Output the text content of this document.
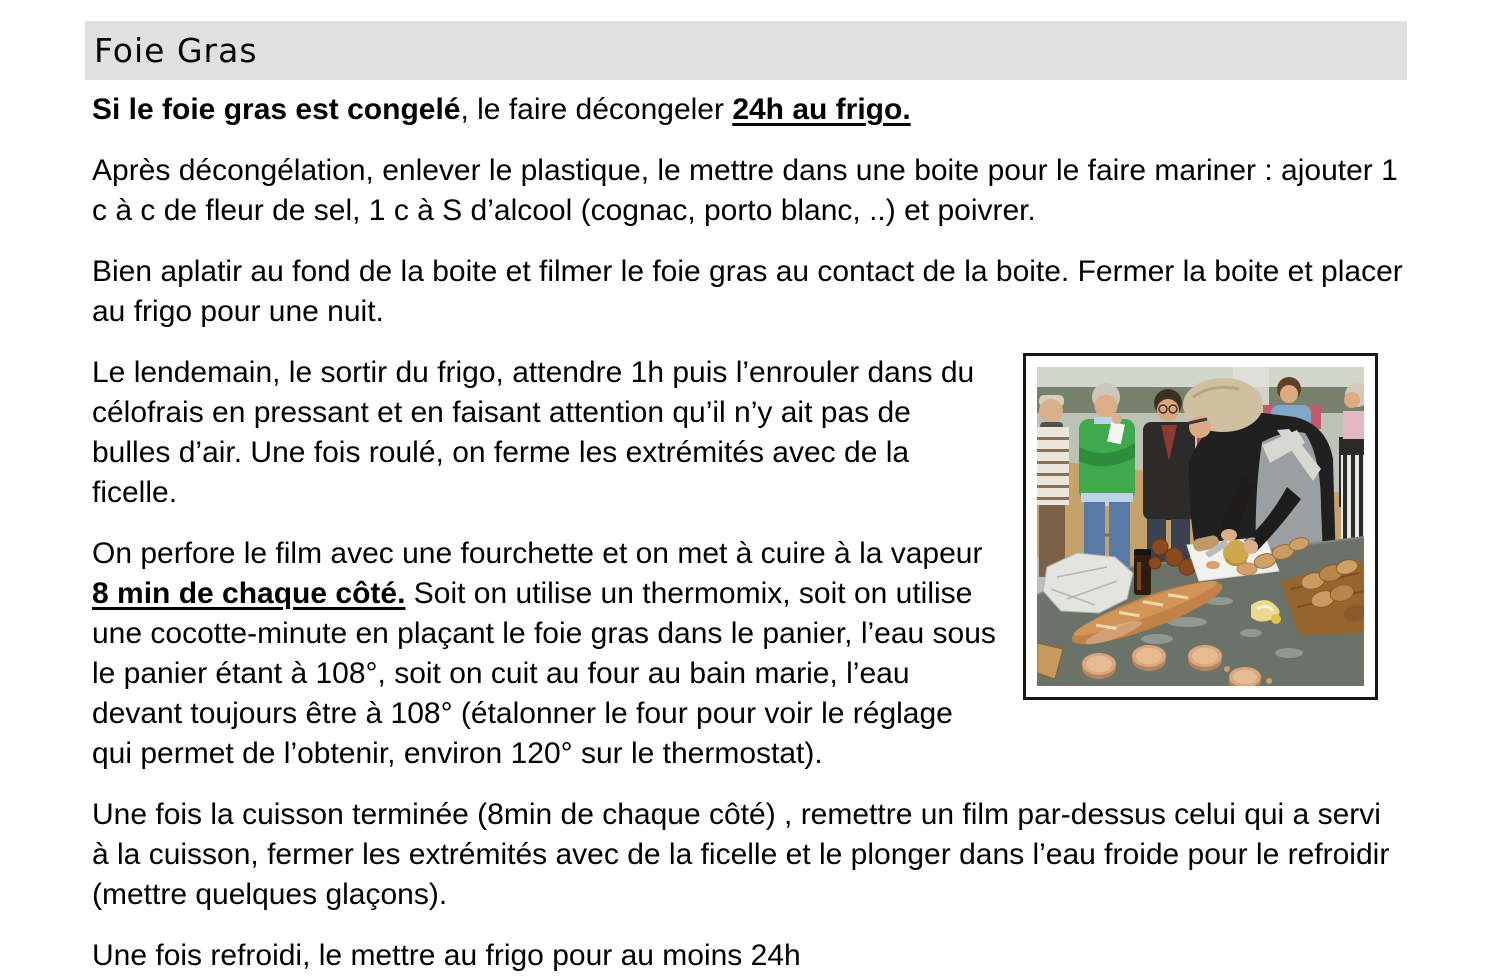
Foie Gras

Si le foie gras est congelé, le faire décongeler 24h au frigo.

Après décongélation, enlever le plastique, le mettre dans une boite pour le faire mariner : ajouter 1 c à c de fleur de sel, 1 c à S d’alcool (cognac, porto blanc, ..) et poivrer.

Bien aplatir au fond de la boite et filmer le foie gras au contact de la boite. Fermer la boite et placer au frigo pour une nuit.

Le lendemain, le sortir du frigo, attendre 1h puis l’enrouler dans du célofrais en pressant et en faisant attention qu’il n’y ait pas de bulles d’air. Une fois roulé, on ferme les extrémités avec de la ficelle.

On perfore le film avec une fourchette et on met à cuire à la vapeur 8 min de chaque côté. Soit on utilise un thermomix, soit on utilise une cocotte-minute en plaçant le foie gras dans le panier, l’eau sous le panier étant à 108°, soit on cuit au four au bain marie, l’eau devant toujours être à 108° (étalonner le four pour voir le réglage qui permet de l’obtenir, environ 120° sur le thermostat).

Une fois la cuisson terminée (8min de chaque côté) , remettre un film par-dessus celui qui a servi à la cuisson, fermer les extrémités avec de la ficelle et le plonger dans l’eau froide pour le refroidir (mettre quelques glaçons).

Une fois refroidi, le mettre au frigo pour au moins 24h
